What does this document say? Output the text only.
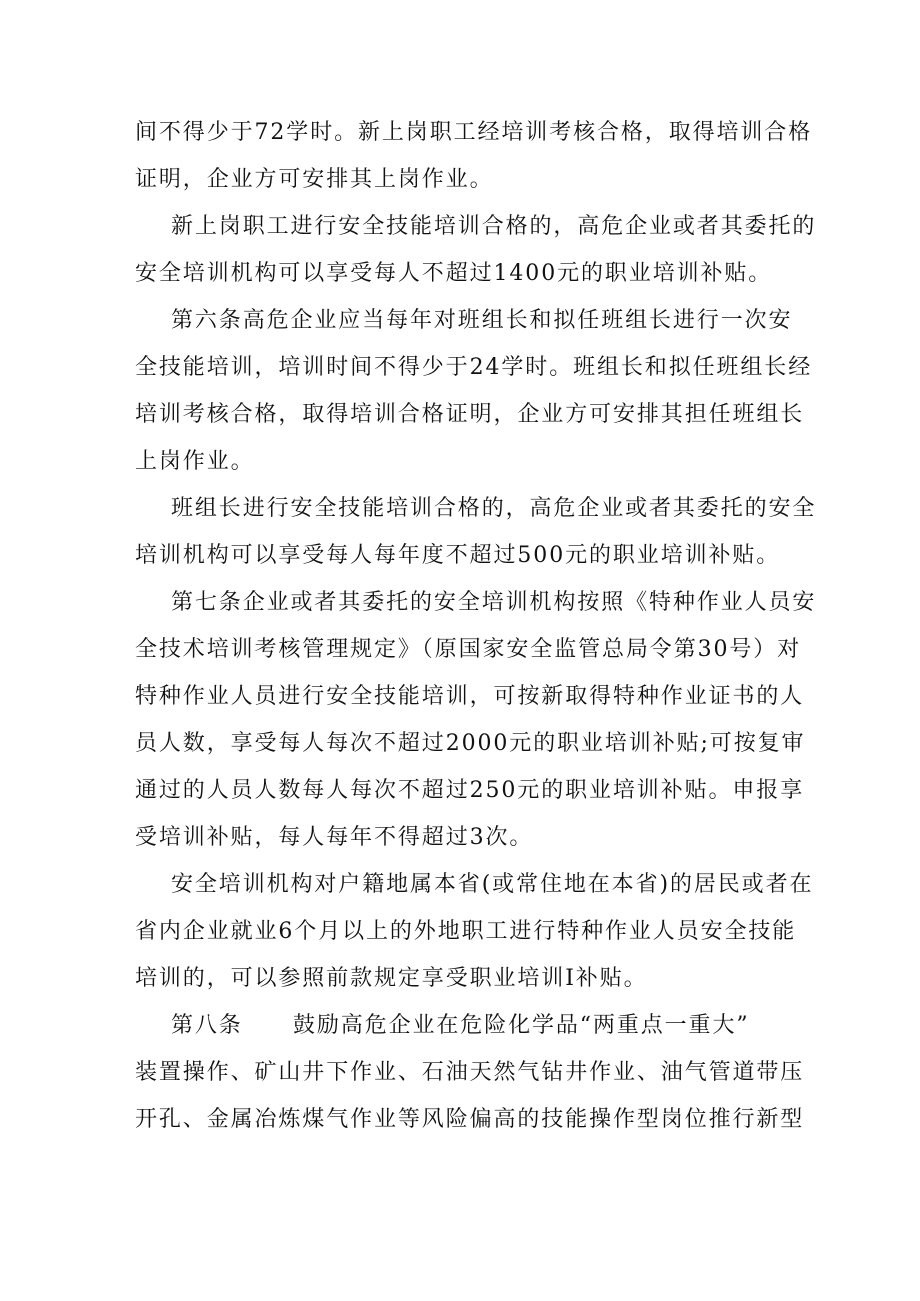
间不得少于72学时。新上岗职工经培训考核合格，取得培训合格
证明，企业方可安排其上岗作业。
新上岗职工进行安全技能培训合格的，高危企业或者其委托的
安全培训机构可以享受每人不超过1400元的职业培训补贴。
第六条高危企业应当每年对班组长和拟任班组长进行一次安
全技能培训，培训时间不得少于24学时。班组长和拟任班组长经
培训考核合格，取得培训合格证明，企业方可安排其担任班组长
上岗作业。
班组长进行安全技能培训合格的，高危企业或者其委托的安全
培训机构可以享受每人每年度不超过500元的职业培训补贴。
第七条企业或者其委托的安全培训机构按照《特种作业人员安
全技术培训考核管理规定》（原国家安全监管总局令第30号）对
特种作业人员进行安全技能培训，可按新取得特种作业证书的人
员人数，享受每人每次不超过2000元的职业培训补贴;可按复审
通过的人员人数每人每次不超过250元的职业培训补贴。申报享
受培训补贴，每人每年不得超过3次。
安全培训机构对户籍地属本省(或常住地在本省)的居民或者在
省内企业就业6个月以上的外地职工进行特种作业人员安全技能
培训的，可以参照前款规定享受职业培训Ⅰ补贴。
第八条 鼓励高危企业在危险化学品“两重点一重大”
装置操作、矿山井下作业、石油天然气钻井作业、油气管道带压
开孔、金属冶炼煤气作业等风险偏高的技能操作型岗位推行新型
